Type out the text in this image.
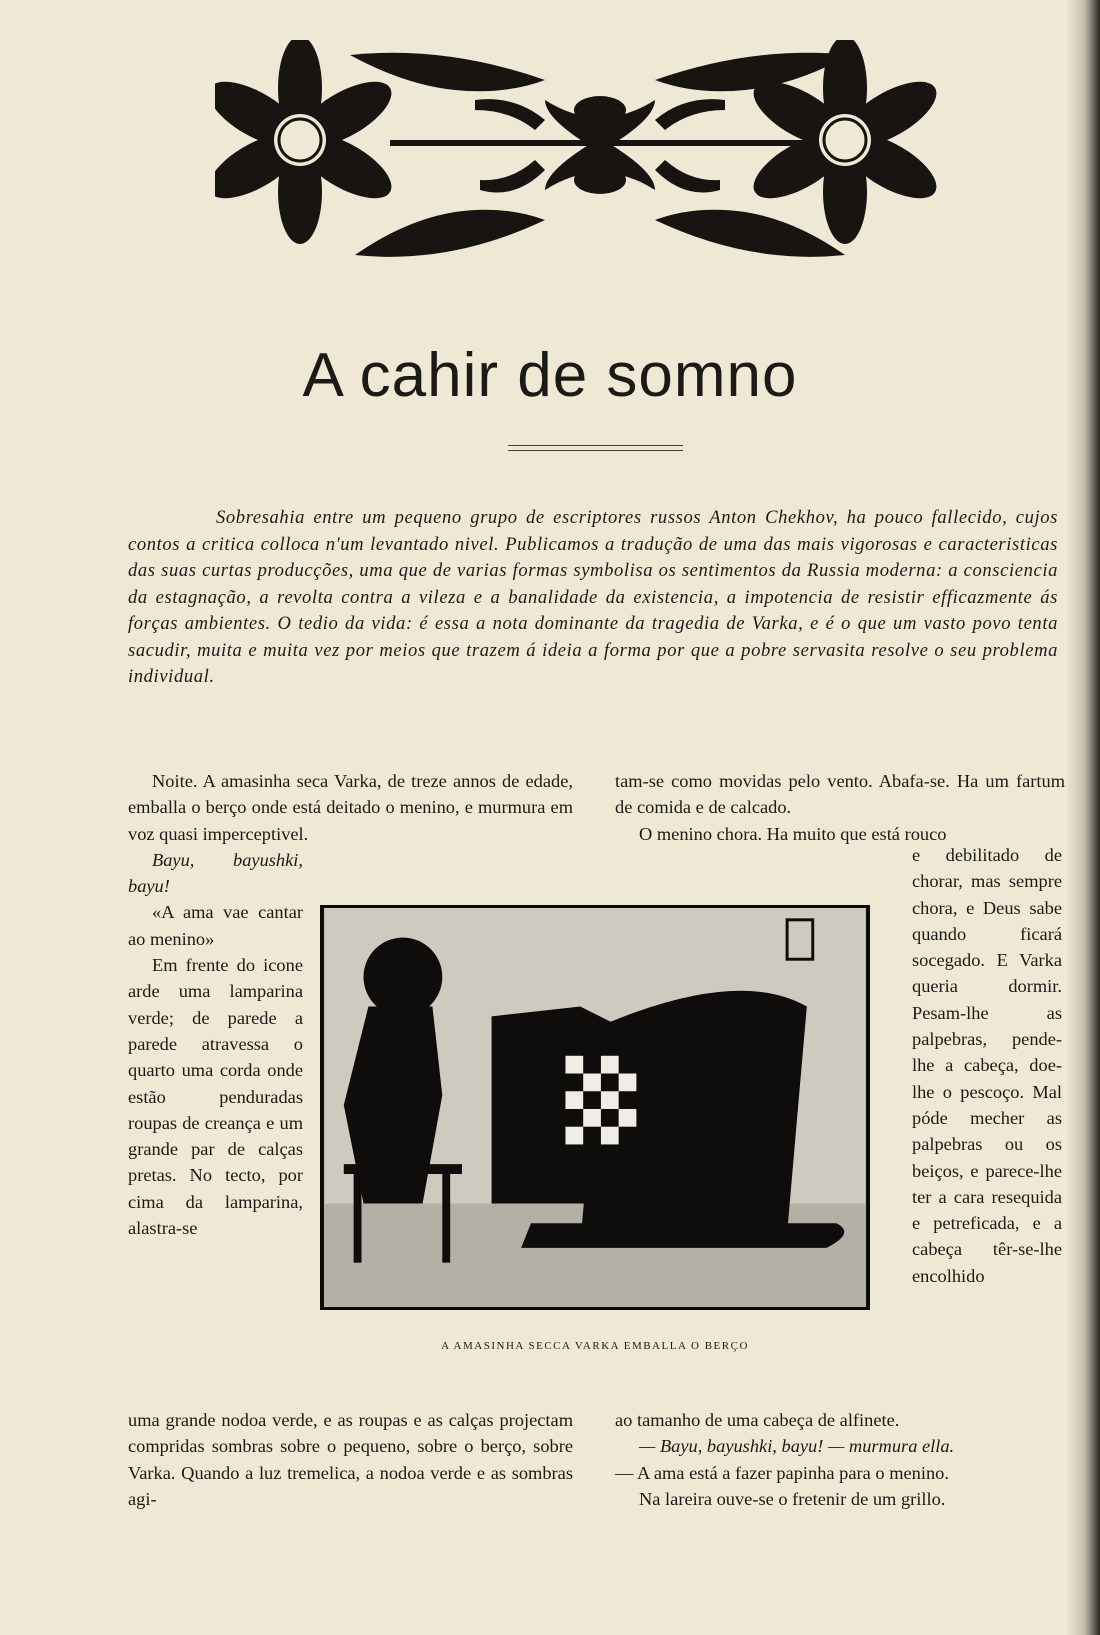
A cahir de somno

Sobresahia entre um pequeno grupo de escriptores russos Anton Chekhov, ha pouco fallecido, cujos contos a critica colloca n'um levantado nivel. Publicamos a tradução de uma das mais vigorosas e caracteristicas das suas curtas producções, uma que de varias formas symbolisa os sentimentos da Russia moderna: a consciencia da estagnação, a revolta contra a vileza e a banalidade da existencia, a impotencia de resistir efficazmente ás forças ambientes. O tedio da vida: é essa a nota dominante da tragedia de Varka, e é o que um vasto povo tenta sacudir, muita e muita vez por meios que trazem á ideia a forma por que a pobre servasita resolve o seu problema individual.

Noite. A amasinha seca Varka, de treze annos de edade, emballa o berço onde está deitado o menino, e murmura em voz quasi imperceptivel.

Bayu, bayushki, bayu!

«A ama vae cantar ao menino»

Em frente do icone arde uma lamparina verde; de parede a parede atravessa o quarto uma corda onde estão penduradas roupas de creança e um grande par de calças pretas. No tecto, por cima da lamparina, alastra-se

tam-se como movidas pelo vento. Abafa-se. Ha um fartum de comida e de calcado.

O menino chora. Ha muito que está rouco

e debilitado de chorar, mas sempre chora, e Deus sabe quando ficará socegado. E Varka queria dormir. Pesam-lhe as palpebras, pende-lhe a cabeça, doe-lhe o pescoço. Mal póde mecher as palpebras ou os beiços, e parece-lhe ter a cara resequida e petreficada, e a cabeça têr-se-lhe encolhido

A AMASINHA SECCA VARKA EMBALLA O BERÇO

uma grande nodoa verde, e as roupas e as calças projectam compridas sombras sobre o pequeno, sobre o berço, sobre Varka. Quando a luz tremelica, a nodoa verde e as sombras agi-

ao tamanho de uma cabeça de alfinete.

— Bayu, bayushki, bayu! — murmura ella.

— A ama está a fazer papinha para o menino.

Na lareira ouve-se o fretenir de um grillo.
